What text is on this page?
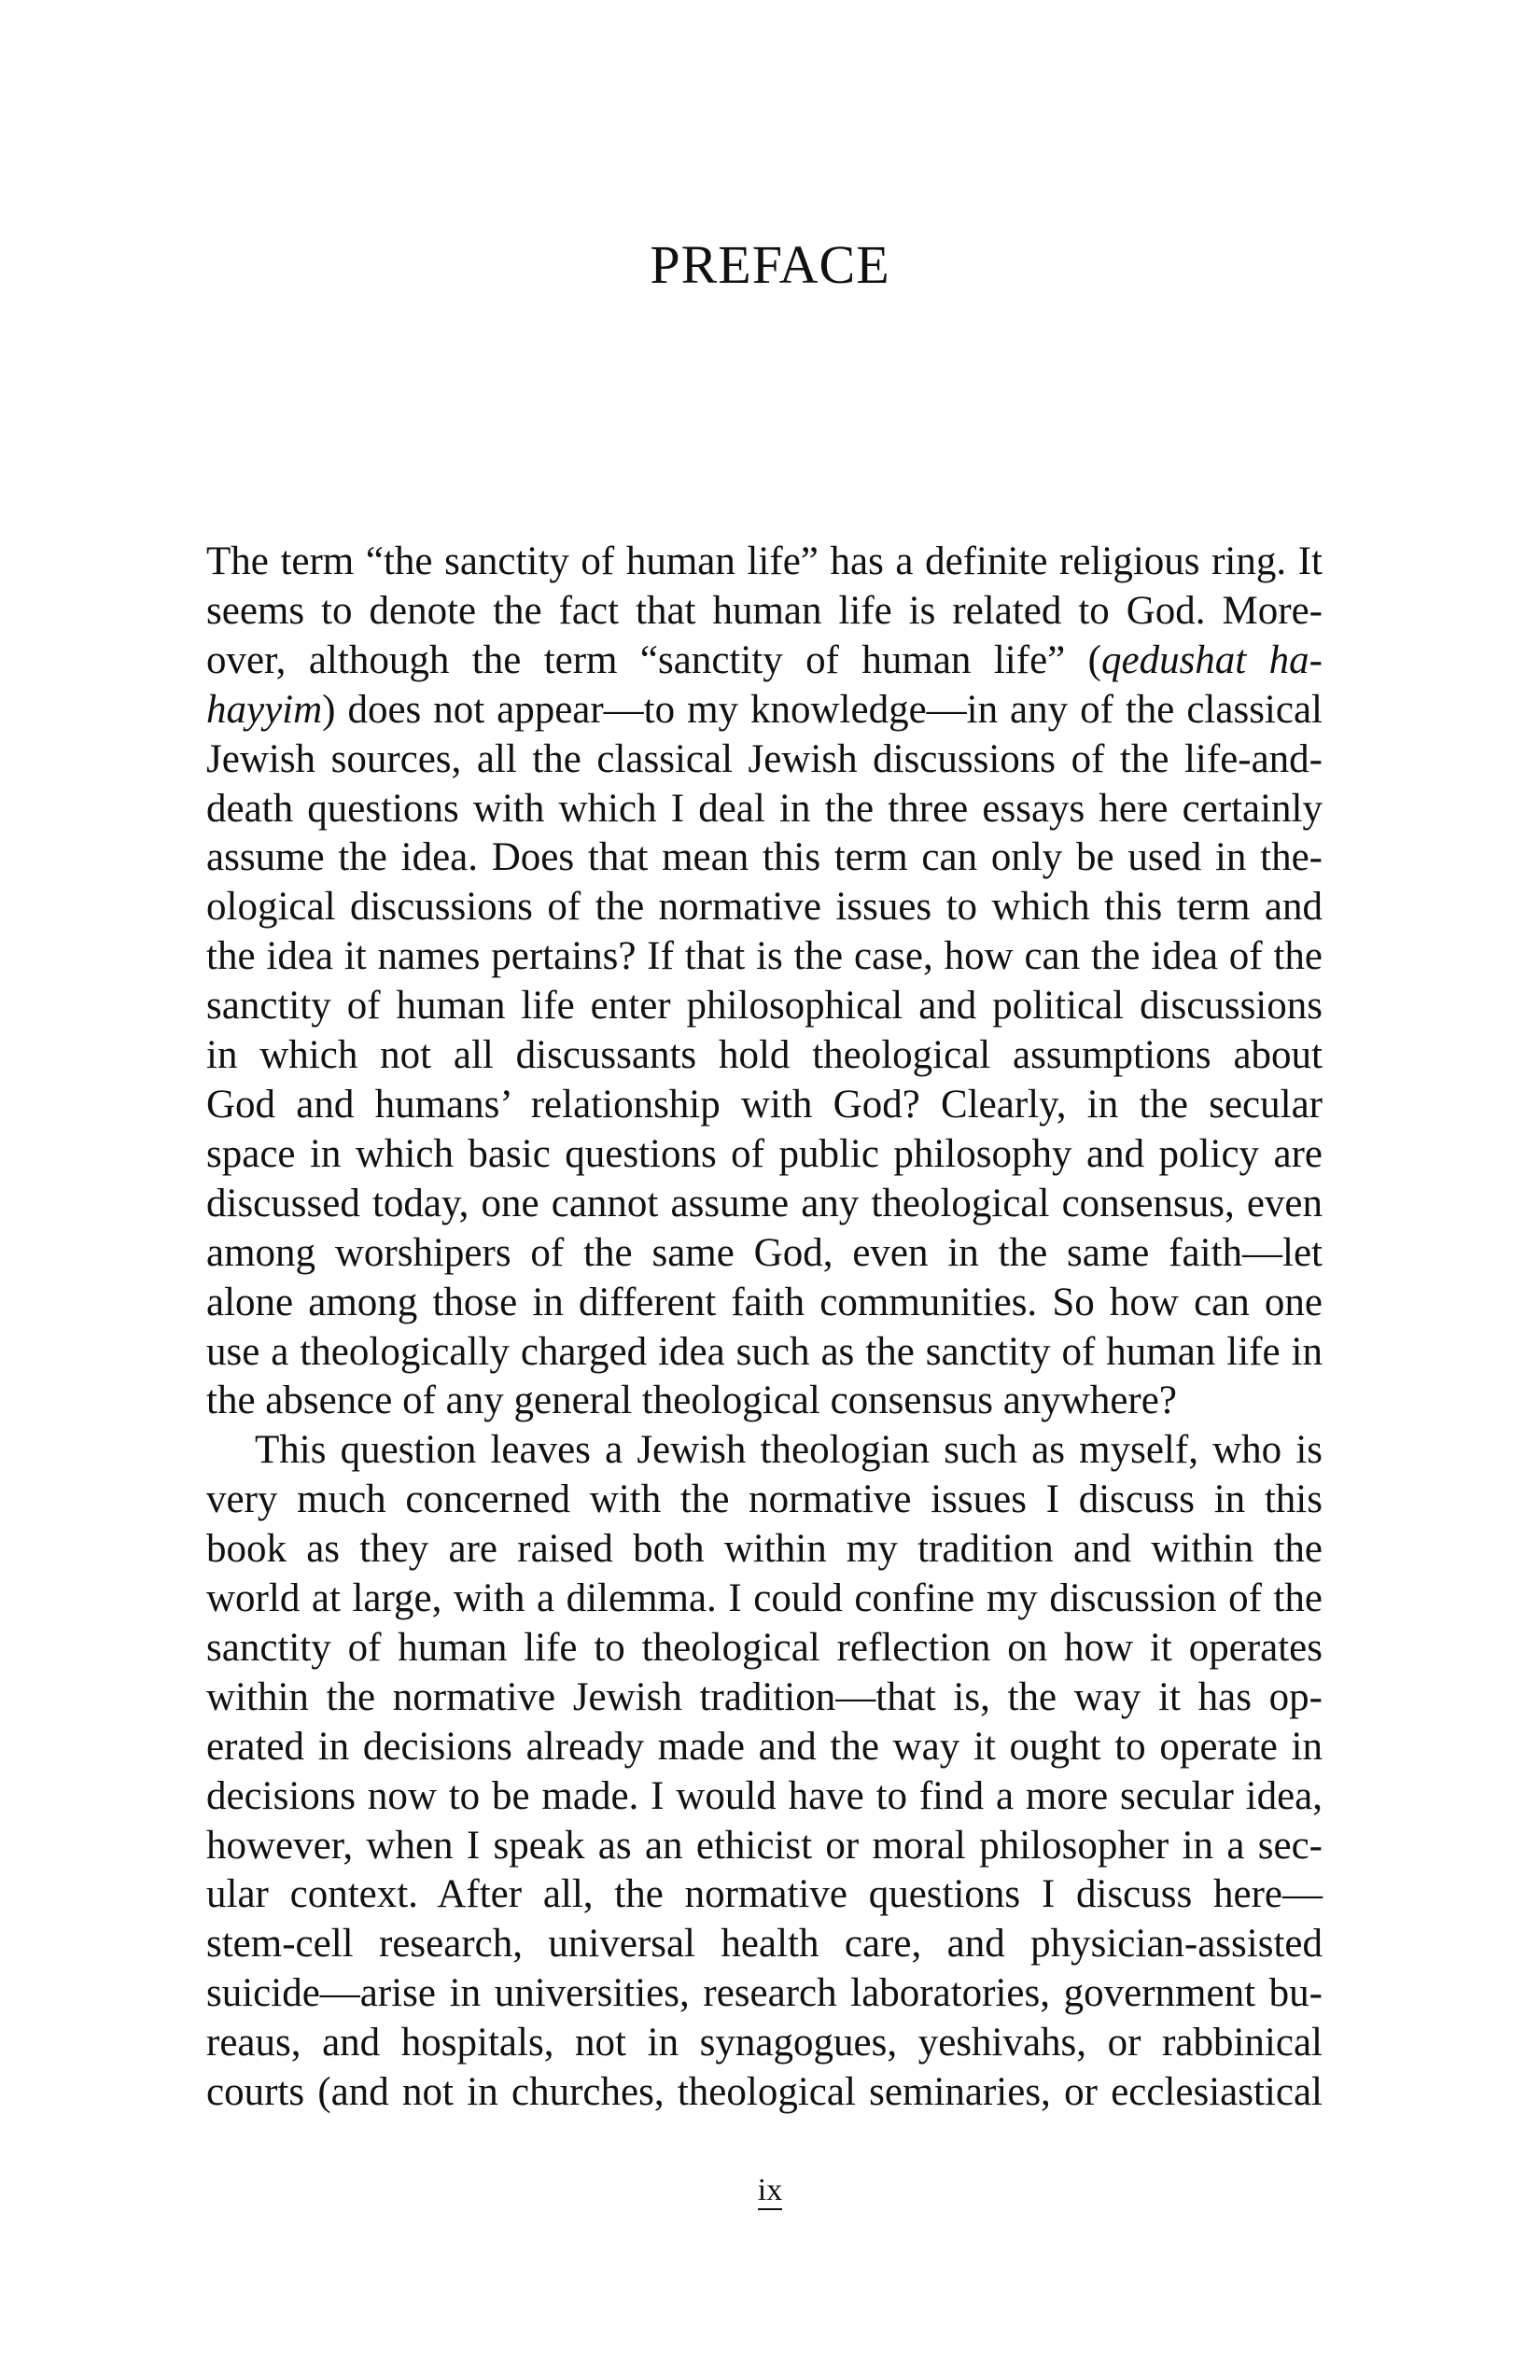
PREFACE
The term “the sanctity of human life” has a definite religious ring. It
seems to denote the fact that human life is related to God. More-
over, although the term “sanctity of human life” (qedushat ha-
hayyim) does not appear—to my knowledge—in any of the classical
Jewish sources, all the classical Jewish discussions of the life-and-
death questions with which I deal in the three essays here certainly
assume the idea. Does that mean this term can only be used in the-
ological discussions of the normative issues to which this term and
the idea it names pertains? If that is the case, how can the idea of the
sanctity of human life enter philosophical and political discussions
in which not all discussants hold theological assumptions about
God and humans’ relationship with God? Clearly, in the secular
space in which basic questions of public philosophy and policy are
discussed today, one cannot assume any theological consensus, even
among worshipers of the same God, even in the same faith—let
alone among those in different faith communities. So how can one
use a theologically charged idea such as the sanctity of human life in
the absence of any general theological consensus anywhere?
This question leaves a Jewish theologian such as myself, who is
very much concerned with the normative issues I discuss in this
book as they are raised both within my tradition and within the
world at large, with a dilemma. I could confine my discussion of the
sanctity of human life to theological reflection on how it operates
within the normative Jewish tradition—that is, the way it has op-
erated in decisions already made and the way it ought to operate in
decisions now to be made. I would have to find a more secular idea,
however, when I speak as an ethicist or moral philosopher in a sec-
ular context. After all, the normative questions I discuss here—
stem-cell research, universal health care, and physician-assisted
suicide—arise in universities, research laboratories, government bu-
reaus, and hospitals, not in synagogues, yeshivahs, or rabbinical
courts (and not in churches, theological seminaries, or ecclesiastical
ix
